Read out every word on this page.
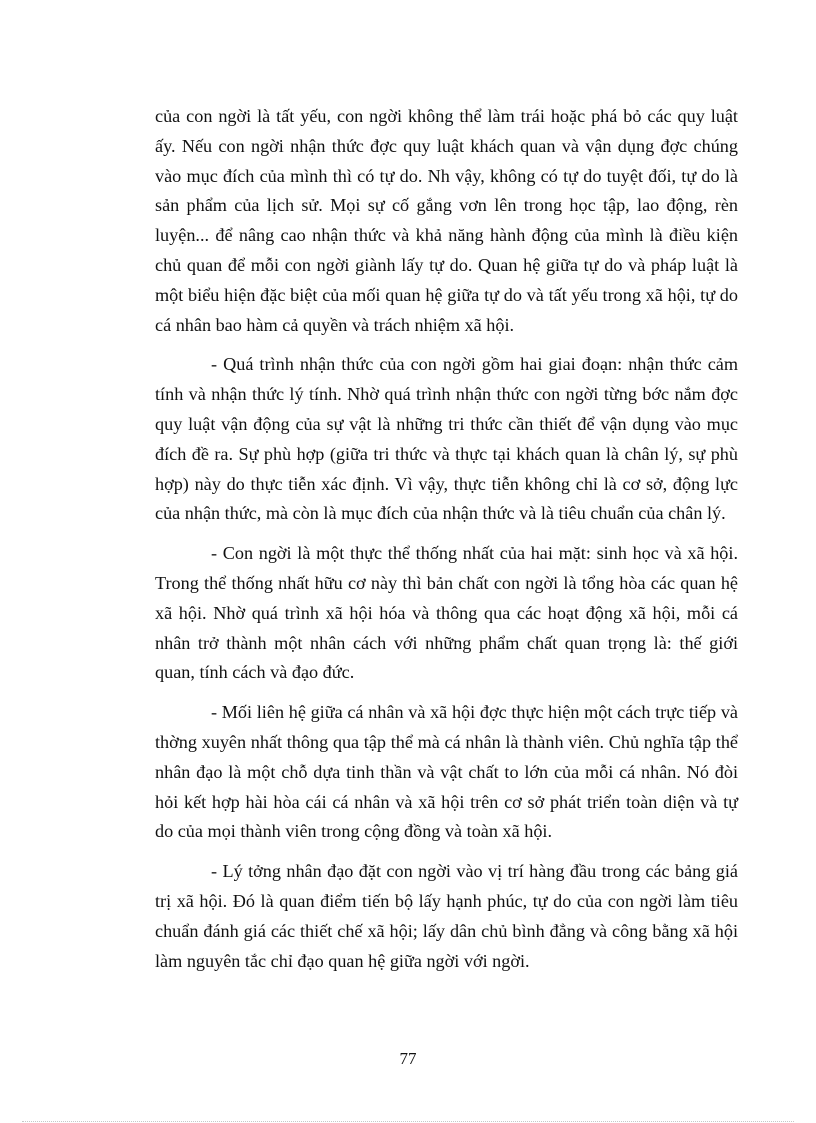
của con ngời là tất yếu, con ngời không thể làm trái hoặc phá bỏ các quy luật ấy. Nếu con ngời nhận thức đợc quy luật khách quan và vận dụng đợc chúng vào mục đích của mình thì có tự do. Nh vậy, không có tự do tuyệt đối, tự do là sản phẩm của lịch sử. Mọi sự cố gắng vơn lên trong học tập, lao động, rèn luyện... để nâng cao nhận thức và khả năng hành động của mình là điều kiện chủ quan để mỗi con ngời giành lấy tự do. Quan hệ giữa tự do và pháp luật là một biểu hiện đặc biệt của mối quan hệ giữa tự do và tất yếu trong xã hội, tự do cá nhân bao hàm cả quyền và trách nhiệm xã hội.

- Quá trình nhận thức của con ngời gồm hai giai đoạn: nhận thức cảm tính và nhận thức lý tính. Nhờ quá trình nhận thức con ngời từng bớc nắm đợc quy luật vận động của sự vật là những tri thức cần thiết để vận dụng vào mục đích đề ra. Sự phù hợp (giữa tri thức và thực tại khách quan là chân lý, sự phù hợp) này do thực tiễn xác định. Vì vậy, thực tiễn không chỉ là cơ sở, động lực của nhận thức, mà còn là mục đích của nhận thức và là tiêu chuẩn của chân lý.

- Con ngời là một thực thể thống nhất của hai mặt: sinh học và xã hội. Trong thể thống nhất hữu cơ này thì bản chất con ngời là tổng hòa các quan hệ xã hội. Nhờ quá trình xã hội hóa và thông qua các hoạt động xã hội, mỗi cá nhân trở thành một nhân cách với những phẩm chất quan trọng là: thế giới quan, tính cách và đạo đức.

- Mối liên hệ giữa cá nhân và xã hội đợc thực hiện một cách trực tiếp và thờng xuyên nhất thông qua tập thể mà cá nhân là thành viên. Chủ nghĩa tập thể nhân đạo là một chỗ dựa tinh thần và vật chất to lớn của mỗi cá nhân. Nó đòi hỏi kết hợp hài hòa cái cá nhân và xã hội trên cơ sở phát triển toàn diện và tự do của mọi thành viên trong cộng đồng và toàn xã hội.

- Lý tởng nhân đạo đặt con ngời vào vị trí hàng đầu trong các bảng giá trị xã hội. Đó là quan điểm tiến bộ lấy hạnh phúc, tự do của con ngời làm tiêu chuẩn đánh giá các thiết chế xã hội; lấy dân chủ bình đẳng và công bằng xã hội làm nguyên tắc chỉ đạo quan hệ giữa ngời với ngời.

77
